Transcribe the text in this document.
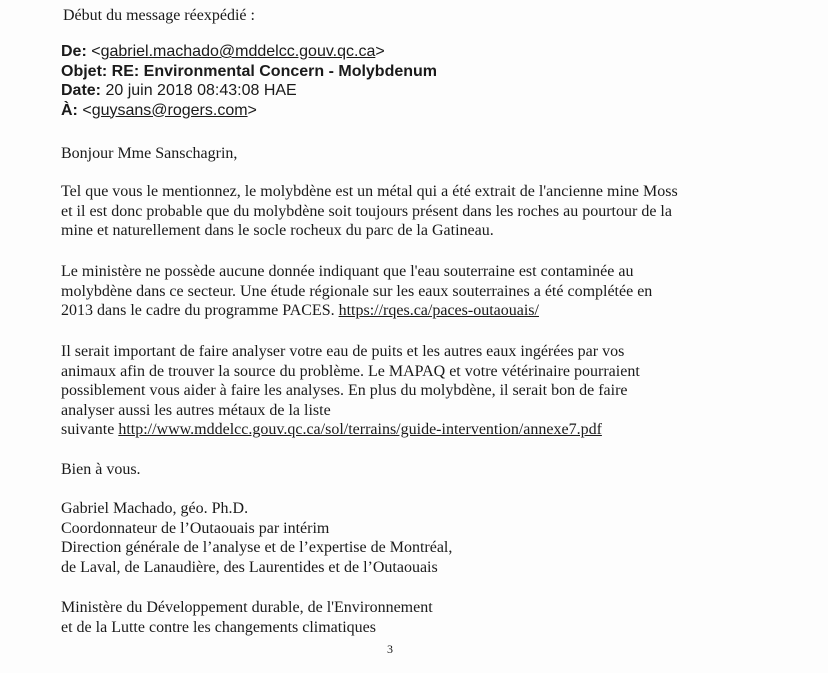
Début du message réexpédié :
De: <gabriel.machado@mddelcc.gouv.qc.ca>
Objet: RE: Environmental Concern - Molybdenum
Date: 20 juin 2018 08:43:08 HAE
À: <guysans@rogers.com>
Bonjour Mme Sanschagrin,
Tel que vous le mentionnez, le molybdène est un métal qui a été extrait de l'ancienne mine Moss
et il est donc probable que du molybdène soit toujours présent dans les roches au pourtour de la
mine et naturellement dans le socle rocheux du parc de la Gatineau.
Le ministère ne possède aucune donnée indiquant que l'eau souterraine est contaminée au
molybdène dans ce secteur. Une étude régionale sur les eaux souterraines a été complétée en
2013 dans le cadre du programme PACES. https://rqes.ca/paces-outaouais/
Il serait important de faire analyser votre eau de puits et les autres eaux ingérées par vos
animaux afin de trouver la source du problème. Le MAPAQ et votre vétérinaire pourraient
possiblement vous aider à faire les analyses. En plus du molybdène, il serait bon de faire
analyser aussi les autres métaux de la liste
suivante http://www.mddelcc.gouv.qc.ca/sol/terrains/guide-intervention/annexe7.pdf
Bien à vous.
Gabriel Machado, géo. Ph.D.
Coordonnateur de l’Outaouais par intérim
Direction générale de l’analyse et de l’expertise de Montréal,
de Laval, de Lanaudière, des Laurentides et de l’Outaouais
Ministère du Développement durable, de l'Environnement
et de la Lutte contre les changements climatiques
3
